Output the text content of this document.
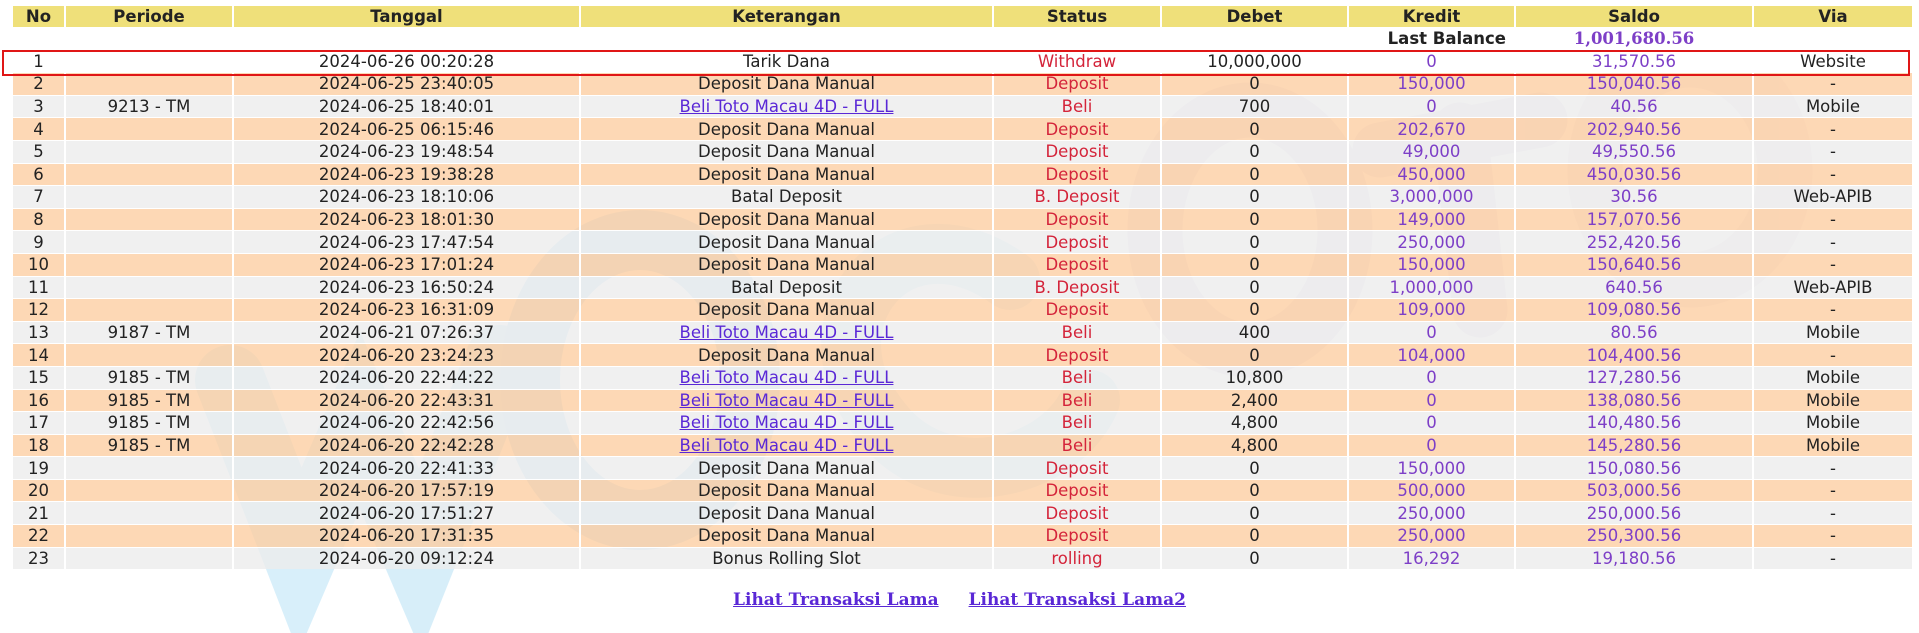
No	Periode	Tanggal	Keterangan	Status	Debet	Kredit	Saldo	Via
Last Balance							1,001,680.56	
1		2024-06-26 00:20:28	Tarik Dana	Withdraw	10,000,000	0	31,570.56	Website
2		2024-06-25 23:40:05	Deposit Dana Manual	Deposit	0	150,000	150,040.56	-
3	9213 - TM	2024-06-25 18:40:01	Beli Toto Macau 4D - FULL	Beli	700	0	40.56	Mobile
4		2024-06-25 06:15:46	Deposit Dana Manual	Deposit	0	202,670	202,940.56	-
5		2024-06-23 19:48:54	Deposit Dana Manual	Deposit	0	49,000	49,550.56	-
6		2024-06-23 19:38:28	Deposit Dana Manual	Deposit	0	450,000	450,030.56	-
7		2024-06-23 18:10:06	Batal Deposit	B. Deposit	0	3,000,000	30.56	Web-APIB
8		2024-06-23 18:01:30	Deposit Dana Manual	Deposit	0	149,000	157,070.56	-
9		2024-06-23 17:47:54	Deposit Dana Manual	Deposit	0	250,000	252,420.56	-
10		2024-06-23 17:01:24	Deposit Dana Manual	Deposit	0	150,000	150,640.56	-
11		2024-06-23 16:50:24	Batal Deposit	B. Deposit	0	1,000,000	640.56	Web-APIB
12		2024-06-23 16:31:09	Deposit Dana Manual	Deposit	0	109,000	109,080.56	-
13	9187 - TM	2024-06-21 07:26:37	Beli Toto Macau 4D - FULL	Beli	400	0	80.56	Mobile
14		2024-06-20 23:24:23	Deposit Dana Manual	Deposit	0	104,000	104,400.56	-
15	9185 - TM	2024-06-20 22:44:22	Beli Toto Macau 4D - FULL	Beli	10,800	0	127,280.56	Mobile
16	9185 - TM	2024-06-20 22:43:31	Beli Toto Macau 4D - FULL	Beli	2,400	0	138,080.56	Mobile
17	9185 - TM	2024-06-20 22:42:56	Beli Toto Macau 4D - FULL	Beli	4,800	0	140,480.56	Mobile
18	9185 - TM	2024-06-20 22:42:28	Beli Toto Macau 4D - FULL	Beli	4,800	0	145,280.56	Mobile
19		2024-06-20 22:41:33	Deposit Dana Manual	Deposit	0	150,000	150,080.56	-
20		2024-06-20 17:57:19	Deposit Dana Manual	Deposit	0	500,000	503,000.56	-
21		2024-06-20 17:51:27	Deposit Dana Manual	Deposit	0	250,000	250,000.56	-
22		2024-06-20 17:31:35	Deposit Dana Manual	Deposit	0	250,000	250,300.56	-
23		2024-06-20 09:12:24	Bonus Rolling Slot	rolling	0	16,292	19,180.56	-
Lihat Transaksi Lama Lihat Transaksi Lama2
